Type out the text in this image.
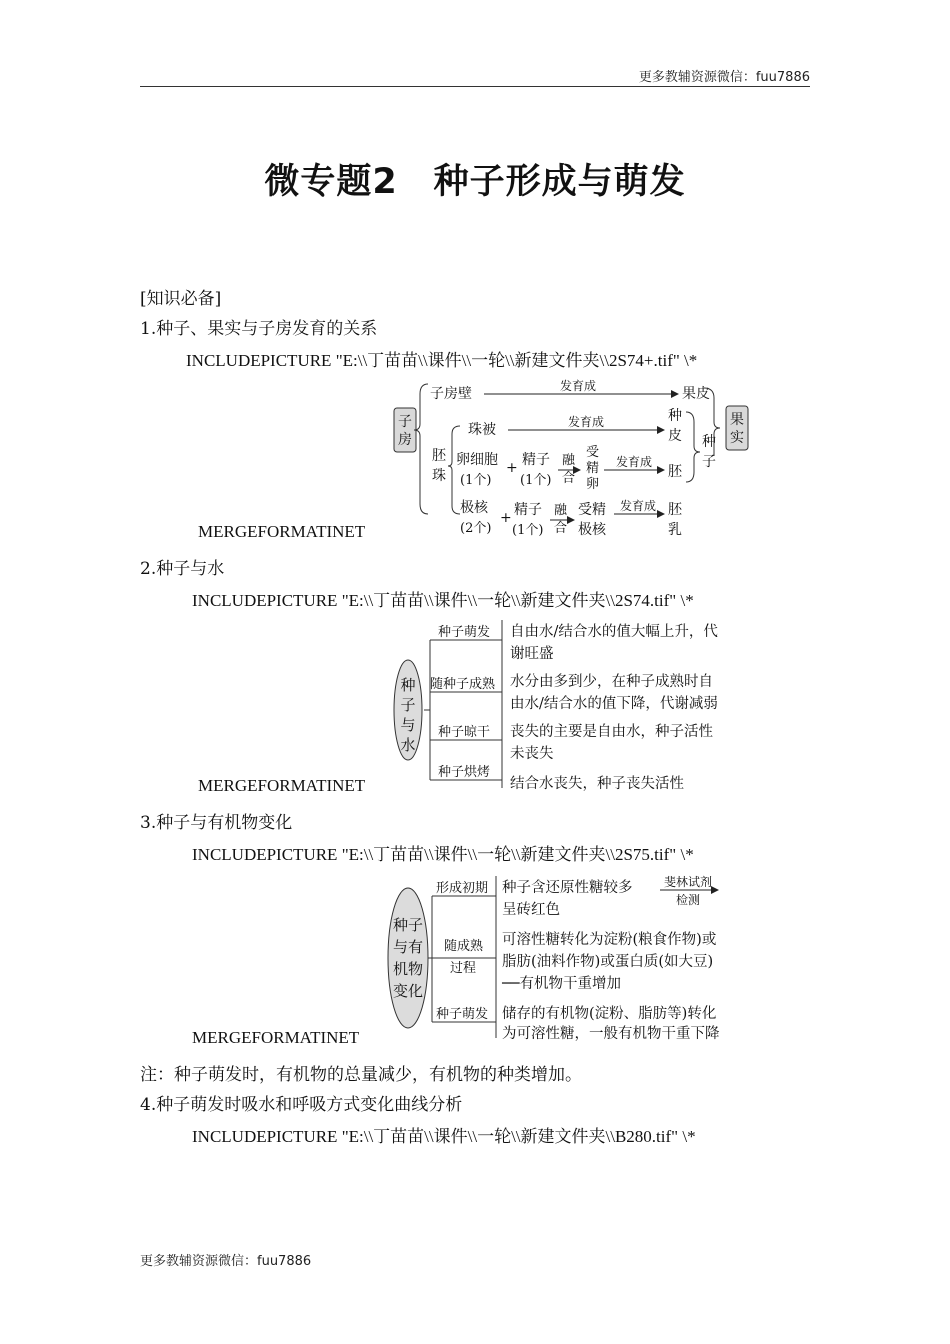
更多教辅资源微信：fuu7886
微专题2　种子形成与萌发
[知识必备]
1.种子、果实与子房发育的关系
INCLUDEPICTURE "E:\\丁苗苗\\课件\\一轮\\新建文件夹\\2S74+.tif" \*
子
房
子房壁	发育成	果皮
胚
珠
珠被	发育成	种
皮
卵细胞
(1个)
+ 精子
(1个)
融
合
受
精
卵
发育成
胚
极核
(2个)
+ 精子
(1个)
融
合
受精
极核
发育成 胚
乳
种
子
果
实
MERGEFORMATINET
2.种子与水
INCLUDEPICTURE "E:\\丁苗苗\\课件\\一轮\\新建文件夹\\2S74.tif" \*
种
子
与
水
种子萌发
随种子成熟
种子晾干
种子烘烤
自由水/结合水的值大幅上升，代
谢旺盛
水分由多到少，在种子成熟时自
由水/结合水的值下降，代谢减弱
丧失的主要是自由水，种子活性
未丧失
结合水丧失，种子丧失活性
MERGEFORMATINET
3.种子与有机物变化
INCLUDEPICTURE "E:\\丁苗苗\\课件\\一轮\\新建文件夹\\2S75.tif" \*
种子
与有
机物
变化
形成初期
随成熟
过程
种子萌发
种子含还原性糖较多	斐林试剂
检测
呈砖红色
可溶性糖转化为淀粉(粮食作物)或
脂肪(油料作物)或蛋白质(如大豆)
──有机物干重增加
储存的有机物(淀粉、脂肪等)转化
为可溶性糖，一般有机物干重下降
MERGEFORMATINET
注：种子萌发时，有机物的总量减少，有机物的种类增加。
4.种子萌发时吸水和呼吸方式变化曲线分析
INCLUDEPICTURE "E:\\丁苗苗\\课件\\一轮\\新建文件夹\\B280.tif" \*
更多教辅资源微信：fuu7886
